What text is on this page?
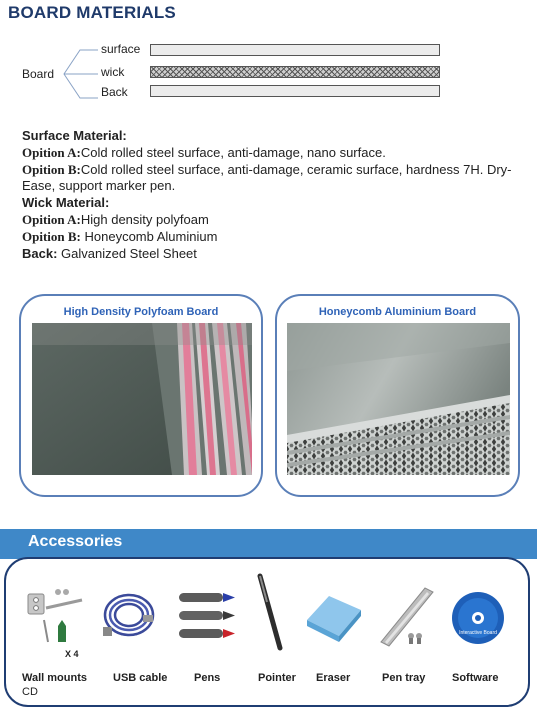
BOARD MATERIALS
Board
surface
wick
Back
Surface Material:
Opition A:Cold rolled steel surface, anti-damage, nano surface.
Opition B:Cold rolled steel surface, anti-damage, ceramic surface, hardness 7H. Dry-Ease, support marker pen.
Wick Material:
Opition A:High density polyfoam
Opition B: Honeycomb Aluminium
Back: Galvanized Steel Sheet
High Density Polyfoam Board	Honeycomb Aluminium Board
Accessories
X 4
Interactive Board
Wall mounts USB cable Pens	Pointer Eraser	Pen tray Software
CD
